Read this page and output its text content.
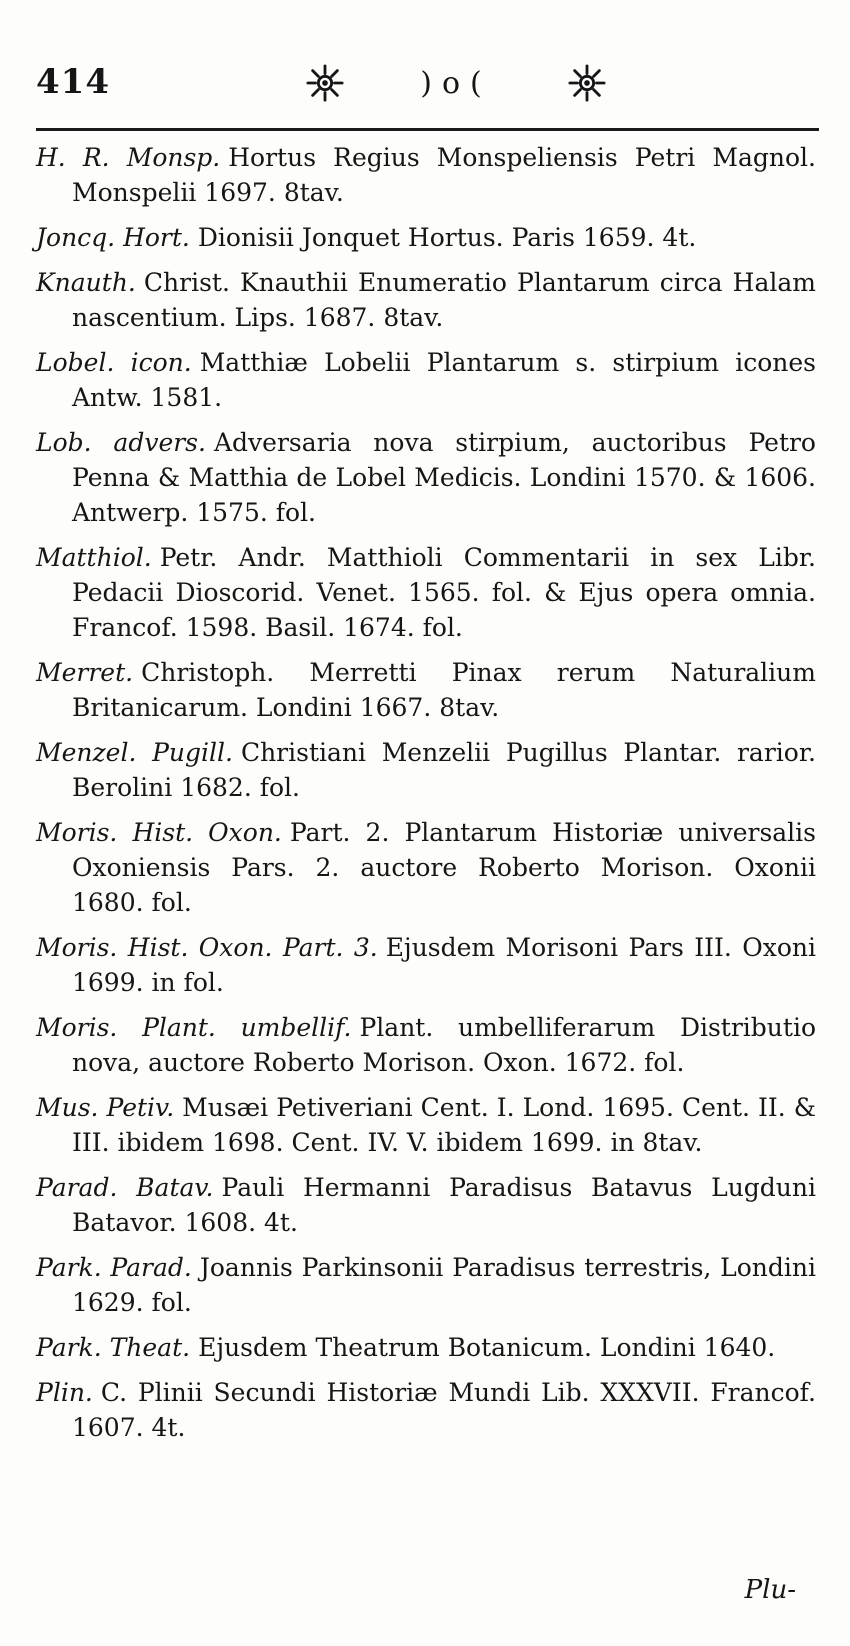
414	)o(
H. R. Monsp. Hortus Regius Monspeliensis Petri Magnol. Monspelii 1697. 8tav.
Joncq. Hort. Dionisii Jonquet Hortus. Paris 1659. 4t.
Knauth. Christ. Knauthii Enumeratio Plantarum circa Halam nascentium. Lips. 1687. 8tav.
Lobel. icon. Matthiæ Lobelii Plantarum s. stirpium icones Antw. 1581.
Lob. advers. Adversaria nova stirpium, auctoribus Petro Penna & Matthia de Lobel Medicis. Londini 1570. & 1606. Antwerp. 1575. fol.
Matthiol. Petr. Andr. Matthioli Commentarii in sex Libr. Pedacii Dioscorid. Venet. 1565. fol. & Ejus opera omnia. Francof. 1598. Basil. 1674. fol.
Merret. Christoph. Merretti Pinax rerum Naturalium Britanicarum. Londini 1667. 8tav.
Menzel. Pugill. Christiani Menzelii Pugillus Plantar. rarior. Berolini 1682. fol.
Moris. Hist. Oxon. Part. 2. Plantarum Historiæ universalis Oxoniensis Pars. 2. auctore Roberto Morison. Oxonii 1680. fol.
Moris. Hist. Oxon. Part. 3. Ejusdem Morisoni Pars III. Oxoni 1699. in fol.
Moris. Plant. umbellif. Plant. umbelliferarum Distributio nova, auctore Roberto Morison. Oxon. 1672. fol.
Mus. Petiv. Musæi Petiveriani Cent. I. Lond. 1695. Cent. II. & III. ibidem 1698. Cent. IV. V. ibidem 1699. in 8tav.
Parad. Batav. Pauli Hermanni Paradisus Batavus Lugduni Batavor. 1608. 4t.
Park. Parad. Joannis Parkinsonii Paradisus terrestris, Londini 1629. fol.
Park. Theat. Ejusdem Theatrum Botanicum. Londini 1640.
Plin. C. Plinii Secundi Historiæ Mundi Lib. XXXVII. Francof. 1607. 4t.
Plu-
